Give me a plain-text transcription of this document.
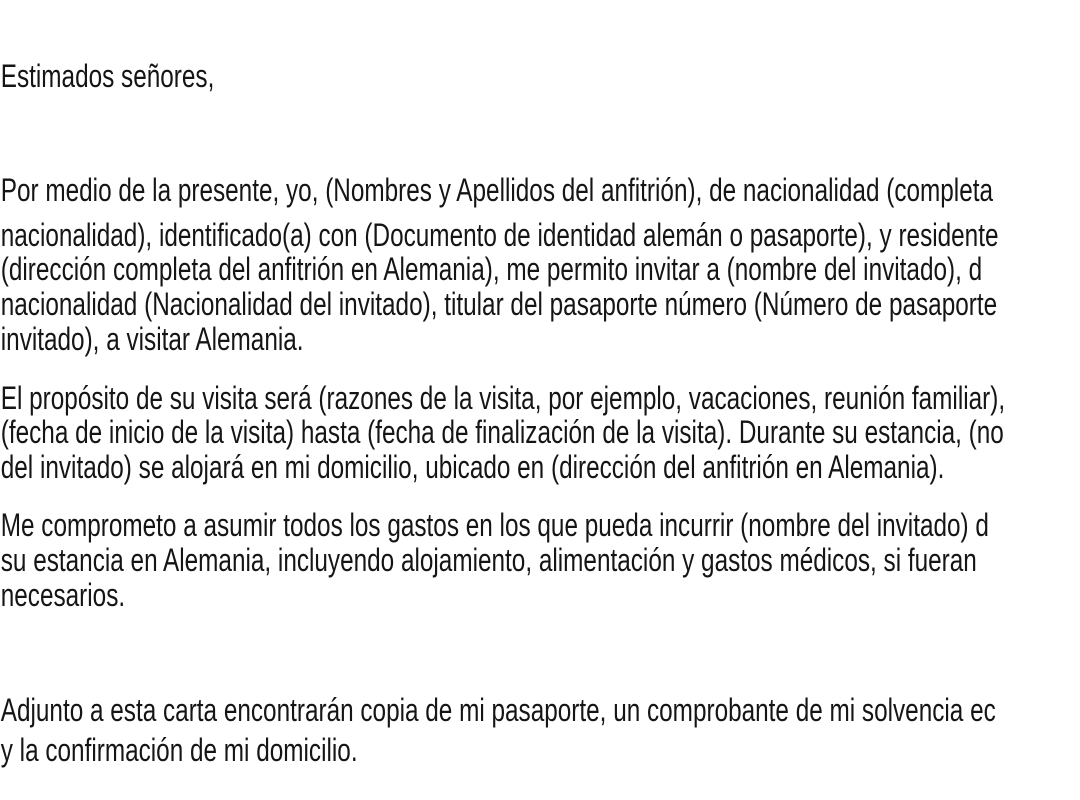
Estimados señores,
Por medio de la presente, yo, (Nombres y Apellidos del anfitrión), de nacionalidad (completa
nacionalidad), identificado(a) con (Documento de identidad alemán o pasaporte), y residente
(dirección completa del anfitrión en Alemania), me permito invitar a (nombre del invitado), d
nacionalidad (Nacionalidad del invitado), titular del pasaporte número (Número de pasaporte
invitado), a visitar Alemania.
El propósito de su visita será (razones de la visita, por ejemplo, vacaciones, reunión familiar),
(fecha de inicio de la visita) hasta (fecha de finalización de la visita). Durante su estancia, (no
del invitado) se alojará en mi domicilio, ubicado en (dirección del anfitrión en Alemania).
Me comprometo a asumir todos los gastos en los que pueda incurrir (nombre del invitado) d
su estancia en Alemania, incluyendo alojamiento, alimentación y gastos médicos, si fueran
necesarios.
Adjunto a esta carta encontrarán copia de mi pasaporte, un comprobante de mi solvencia ec
y la confirmación de mi domicilio.
